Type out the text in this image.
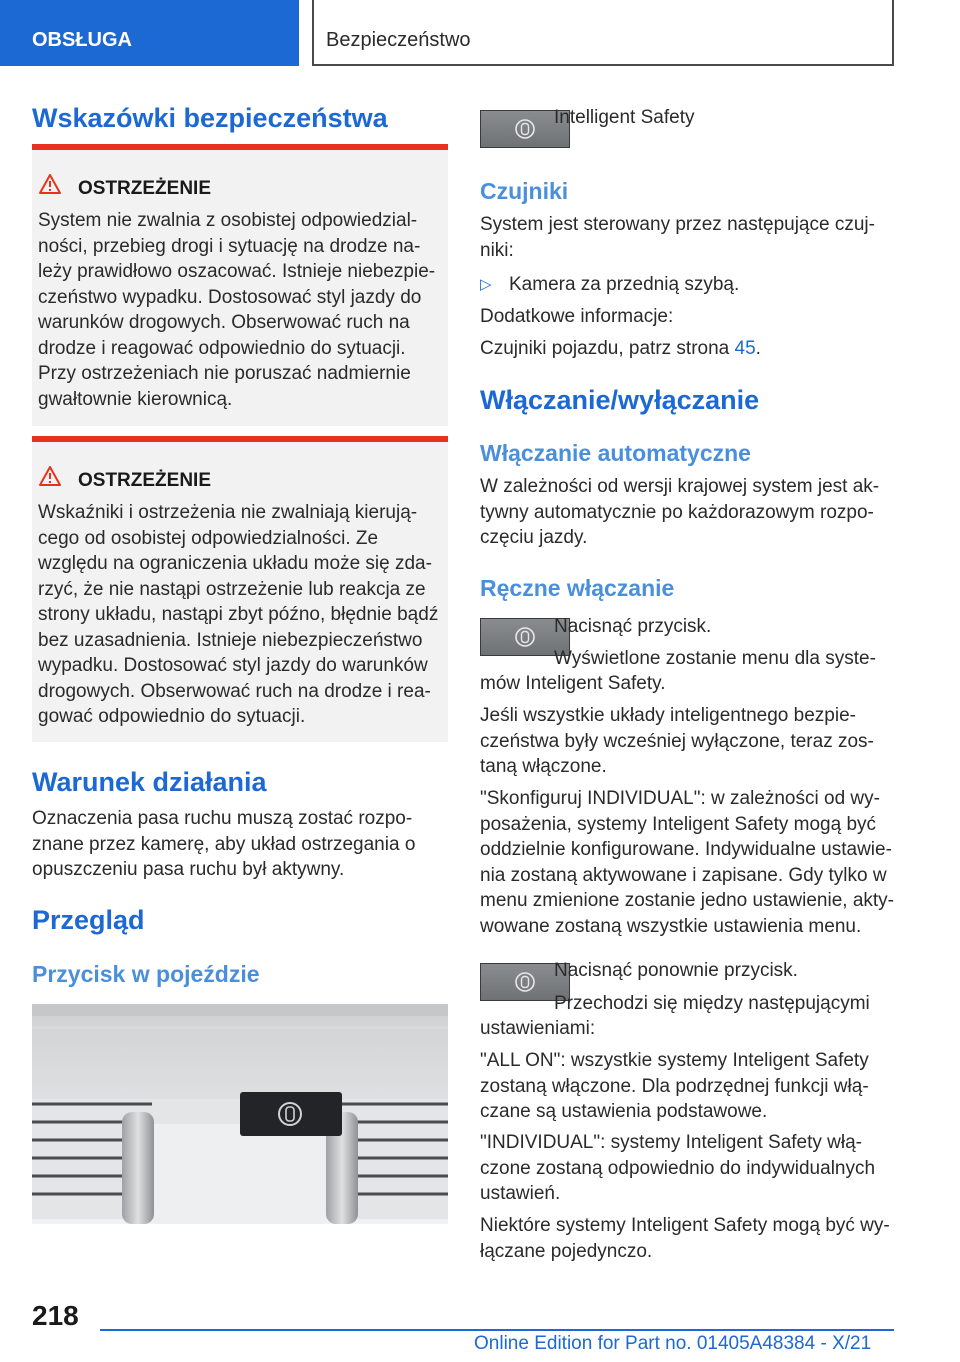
OBSŁUGA	Bezpieczeństwo
Wskazówki bezpieczeństwa
OSTRZEŻENIE

System nie zwalnia z osobistej odpowiedzial‐

ności, przebieg drogi i sytuację na drodze na‐

leży prawidłowo oszacować. Istnieje niebezpie‐

czeństwo wypadku. Dostosować styl jazdy do

warunków drogowych. Obserwować ruch na

drodze i reagować odpowiednio do sytuacji.

Przy ostrzeżeniach nie poruszać nadmiernie

gwałtownie kierownicą.

OSTRZEŻENIE

Wskaźniki i ostrzeżenia nie zwalniają kierują‐

cego od osobistej odpowiedzialności. Ze

względu na ograniczenia układu może się zda‐

rzyć, że nie nastąpi ostrzeżenie lub reakcja ze

strony układu, nastąpi zbyt późno, błędnie bądź

bez uzasadnienia. Istnieje niebezpieczeństwo

wypadku. Dostosować styl jazdy do warunków

drogowych. Obserwować ruch na drodze i rea‐

gować odpowiednio do sytuacji.

Warunek działania

Oznaczenia pasa ruchu muszą zostać rozpo‐

znane przez kamerę, aby układ ostrzegania o

opuszczeniu pasa ruchu był aktywny.

Przegląd
Przycisk w pojeździe
Intelligent Safety
Czujniki

System jest sterowany przez następujące czuj‐

niki:

▷ Kamera za przednią szybą.
Dodatkowe informacje:
Czujniki pojazdu, patrz strona 45.
Włączanie/wyłączanie
Włączanie automatyczne

W zależności od wersji krajowej system jest ak‐

tywny automatycznie po każdorazowym rozpo‐

częciu jazdy.

Ręczne włączanie
Nacisnąć przycisk.
Wyświetlone zostanie menu dla syste‐
mów Inteligent Safety.

Jeśli wszystkie układy inteligentnego bezpie‐

czeństwa były wcześniej wyłączone, teraz zos‐

taną włączone.

"Skonfiguruj INDIVIDUAL": w zależności od wy‐

posażenia, systemy Inteligent Safety mogą być

oddzielnie konfigurowane. Indywidualne ustawie‐

nia zostaną aktywowane i zapisane. Gdy tylko w

menu zmienione zostanie jedno ustawienie, akty‐

wowane zostaną wszystkie ustawienia menu.

Nacisnąć ponownie przycisk.
Przechodzi się między następującymi
ustawieniami:

"ALL ON": wszystkie systemy Inteligent Safety

zostaną włączone. Dla podrzędnej funkcji włą‐

czane są ustawienia podstawowe.

"INDIVIDUAL": systemy Inteligent Safety włą‐

czone zostaną odpowiednio do indywidualnych

ustawień.

Niektóre systemy Inteligent Safety mogą być wy‐

łączane pojedynczo.

218
Online Edition for Part no. 01405A48384 - X/21
